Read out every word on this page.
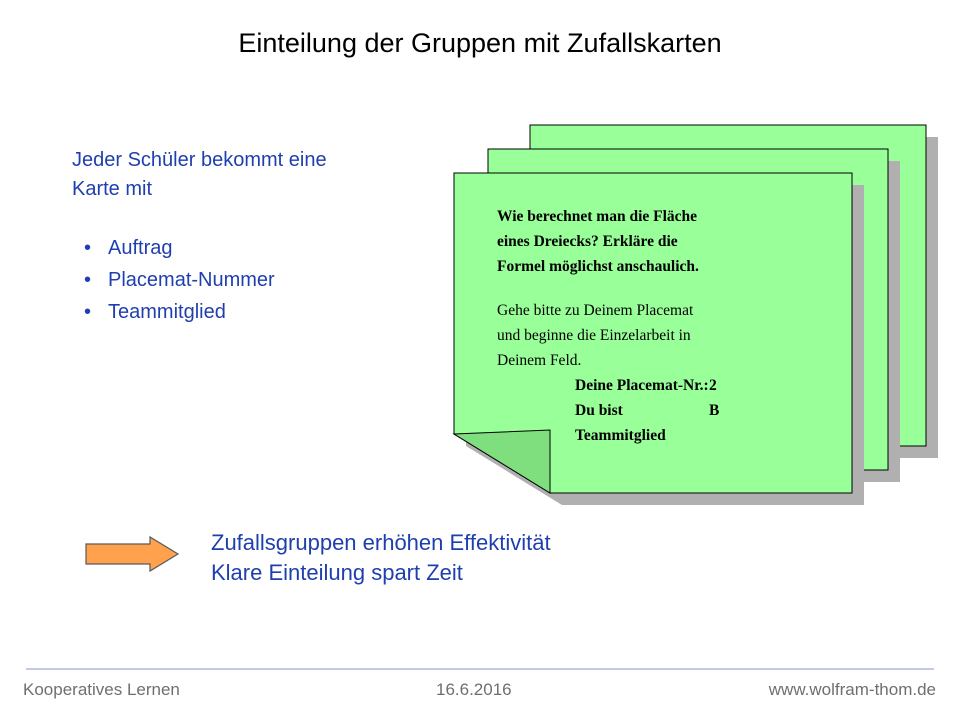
Einteilung der Gruppen mit Zufallskarten
Jeder Schüler bekommt eine
Karte mit
• Auftrag
• Placemat-Nummer
• Teammitglied
Wie berechnet man die Fläche
eines Dreiecks? Erkläre die
Formel möglichst anschaulich.
Gehe bitte zu Deinem Placemat
und beginne die Einzelarbeit in
Deinem Feld.
Deine Placemat-Nr.: 2
Du bist Teammitglied
B
Zufallsgruppen erhöhen Effektivität
Klare Einteilung spart Zeit
Kooperatives Lernen	16.6.2016	www.wolfram-thom.de
